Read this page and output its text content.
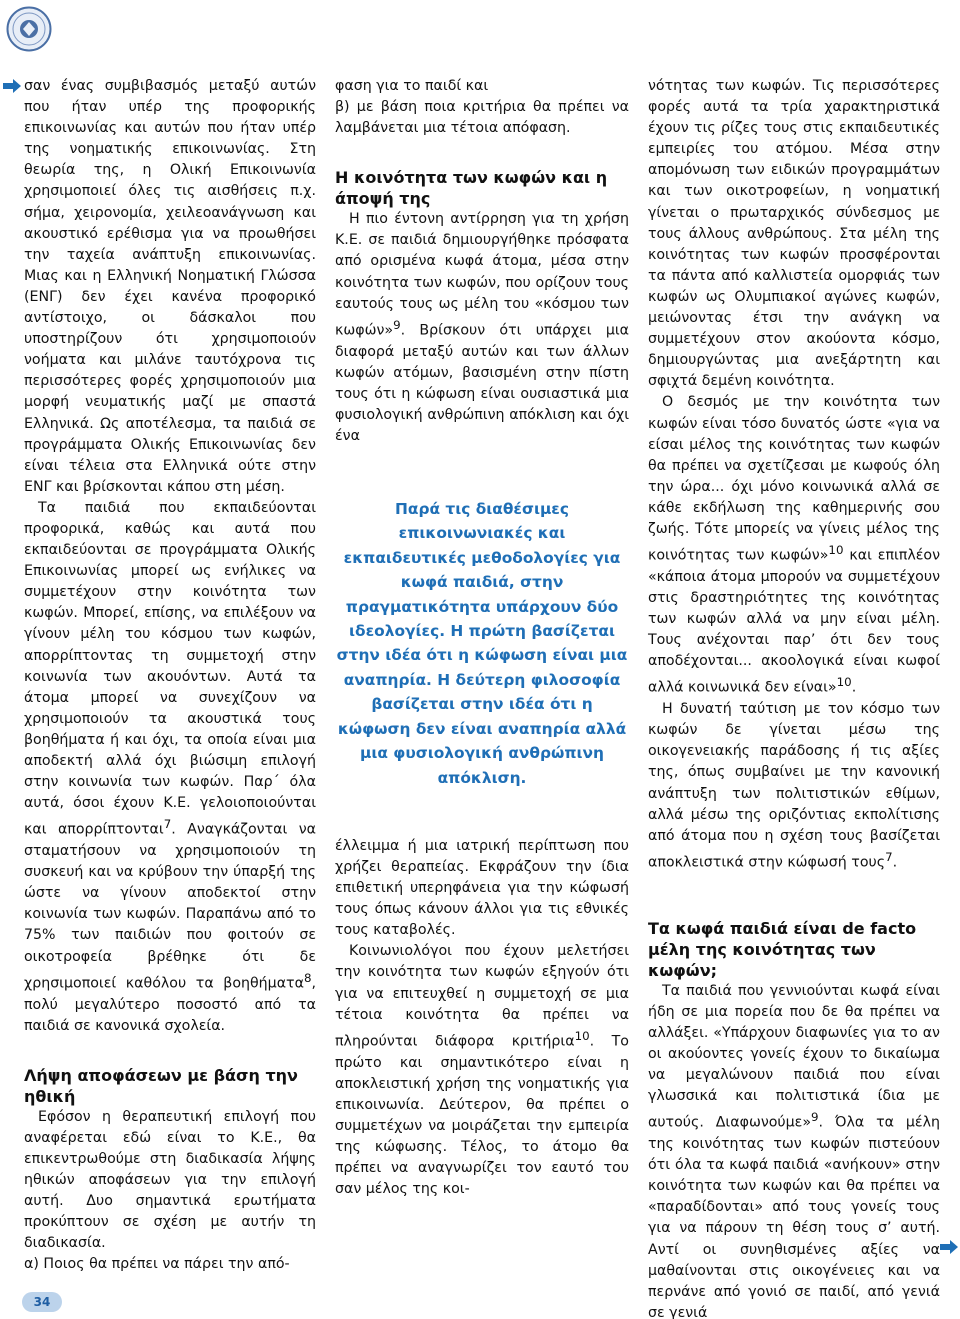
σαν ένας συμβιβασμός μεταξύ αυτών που ήταν υπέρ της προφορικής επικοινωνίας και αυτών που ήταν υπέρ της νοηματικής επικοινωνίας. Στη θεωρία της, η Ολική Επικοινωνία χρησιμοποιεί όλες τις αισθήσεις π.χ. σήμα, χειρονομία, χειλεοανάγνωση και ακουστικό ερέθισμα για να προωθήσει την ταχεία ανάπτυξη επικοινωνίας. Μιας και η Ελληνική Νοηματική Γλώσσα (ΕΝΓ) δεν έχει κανένα προφορικό αντίστοιχο, οι δάσκαλοι που υποστηρίζουν ότι χρησιμοποιούν νοήματα και μιλάνε ταυτόχρονα τις περισσότερες φορές χρησιμοποιούν μια μορφή νευματικής μαζί με σπαστά Ελληνικά. Ως αποτέλεσμα, τα παιδιά σε προγράμματα Ολικής Επικοινωνίας δεν είναι τέλεια στα Ελληνικά ούτε στην ΕΝΓ και βρίσκονται κάπου στη μέση.

Τα παιδιά που εκπαιδεύονται προφορικά, καθώς και αυτά που εκπαιδεύονται σε προγράμματα Ολικής Επικοινωνίας μπορεί ως ενήλικες να συμμετέχουν στην κοινότητα των κωφών. Μπορεί, επίσης, να επιλέξουν να γίνουν μέλη του κόσμου των κωφών, απορρίπτοντας τη συμμετοχή στην κοινωνία των ακουόντων. Αυτά τα άτομα μπορεί να συνεχίζουν να χρησιμοποιούν τα ακουστικά τους βοηθήματα ή και όχι, τα οποία είναι μια αποδεκτή αλλά όχι βιώσιμη επιλογή στην κοινωνία των κωφών. Παρ΄ όλα αυτά, όσοι έχουν Κ.Ε. γελοιοποιούνται και απορρίπτονται$^7$. Αναγκάζονται να σταματήσουν να χρησιμοποιούν τη συσκευή και να κρύβουν την ύπαρξή της ώστε να γίνουν αποδεκτοί στην κοινωνία των κωφών. Παραπάνω από το 75% των παιδιών που φοιτούν σε οικοτροφεία βρέθηκε ότι δε χρησιμοποιεί καθόλου τα βοηθήματα$^8$, πολύ μεγαλύτερο ποσοστό από τα παιδιά σε κανονικά σχολεία.

Λήψη αποφάσεων με βάση την ηθική

Εφόσον η θεραπευτική επιλογή που αναφέρεται εδώ είναι το Κ.Ε., θα επικεντρωθούμε στη διαδικασία λήψης ηθικών αποφάσεων για την επιλογή αυτή. Δυο σημαντικά ερωτήματα προκύπτουν σε σχέση με αυτήν τη διαδικασία.

α) Ποιος θα πρέπει να πάρει την από-

φαση για το παιδί και

β) με βάση ποια κριτήρια θα πρέπει να λαμβάνεται μια τέτοια απόφαση.

Η κοινότητα των κωφών και η άποψή της

Η πιο έντονη αντίρρηση για τη χρήση Κ.Ε. σε παιδιά δημιουργήθηκε πρόσφατα από ορισμένα κωφά άτομα, μέσα στην κοινότητα των κωφών, που ορίζουν τους εαυτούς τους ως μέλη του «κόσμου των κωφών»$^9$. Βρίσκουν ότι υπάρχει μια διαφορά μεταξύ αυτών και των άλλων κωφών ατόμων, βασισμένη στην πίστη τους ότι η κώφωση είναι ουσιαστικά μια φυσιολογική ανθρώπινη απόκλιση και όχι ένα

Παρά τις διαθέσιμες επικοινωνιακές και εκπαιδευτικές μεθοδολογίες για κωφά παιδιά, στην πραγματικότητα υπάρχουν δύο ιδεολογίες. Η πρώτη βασίζεται στην ιδέα ότι η κώφωση είναι μια αναπηρία. Η δεύτερη φιλοσοφία βασίζεται στην ιδέα ότι η κώφωση δεν είναι αναπηρία αλλά μια φυσιολογική ανθρώπινη απόκλιση.

έλλειμμα ή μια ιατρική περίπτωση που χρήζει θεραπείας. Εκφράζουν την ίδια επιθετική υπερηφάνεια για την κώφωσή τους όπως κάνουν άλλοι για τις εθνικές τους καταβολές.

Κοινωνιολόγοι που έχουν μελετήσει την κοινότητα των κωφών εξηγούν ότι για να επιτευχθεί η συμμετοχή σε μια τέτοια κοινότητα θα πρέπει να πληρούνται διάφορα κριτήρια$^{10}$. Το πρώτο και σημαντικότερο είναι η αποκλειστική χρήση της νοηματικής για επικοινωνία. Δεύτερον, θα πρέπει ο συμμετέχων να μοιράζεται την εμπειρία της κώφωσης. Τέλος, το άτομο θα πρέπει να αναγνωρίζει τον εαυτό του σαν μέλος της κοι-

νότητας των κωφών. Τις περισσότερες φορές αυτά τα τρία χαρακτηριστικά έχουν τις ρίζες τους στις εκπαιδευτικές εμπειρίες του ατόμου. Μέσα στην απομόνωση των ειδικών προγραμμάτων και των οικοτροφείων, η νοηματική γίνεται ο πρωταρχικός σύνδεσμος με τους άλλους ανθρώπους. Στα μέλη της κοινότητας των κωφών προσφέρονται τα πάντα από καλλιστεία ομορφιάς των κωφών ως Ολυμπιακοί αγώνες κωφών, μειώνοντας έτσι την ανάγκη να συμμετέχουν στον ακούοντα κόσμο, δημιουργώντας μια ανεξάρτητη και σφιχτά δεμένη κοινότητα.

Ο δεσμός με την κοινότητα των κωφών είναι τόσο δυνατός ώστε «για να είσαι μέλος της κοινότητας των κωφών θα πρέπει να σχετίζεσαι με κωφούς όλη την ώρα... όχι μόνο κοινωνικά αλλά σε κάθε εκδήλωση της καθημερινής σου ζωής. Τότε μπορείς να γίνεις μέλος της κοινότητας των κωφών»$^{10}$ και επιπλέον «κάποια άτομα μπορούν να συμμετέχουν στις δραστηριότητες της κοινότητας των κωφών αλλά να μην είναι μέλη. Τους ανέχονται παρ’ ότι δεν τους αποδέχονται... ακοολογικά είναι κωφοί αλλά κοινωνικά δεν είναι»$^{10}$.

Η δυνατή ταύτιση με τον κόσμο των κωφών δε γίνεται μέσω της οικογενειακής παράδοσης ή τις αξίες της, όπως συμβαίνει με την κανονική ανάπτυξη των πολιτιστικών εθίμων, αλλά μέσω της οριζόντιας εκπολίτισης από άτομα που η σχέση τους βασίζεται αποκλειστικά στην κώφωσή τους$^7$.

Τα κωφά παιδιά είναι de facto μέλη της κοινότητας των κωφών;

Τα παιδιά που γεννιούνται κωφά είναι ήδη σε μια πορεία που δε θα πρέπει να αλλάξει. «Υπάρχουν διαφωνίες για το αν οι ακούοντες γονείς έχουν το δικαίωμα να μεγαλώνουν παιδιά που είναι γλωσσικά και πολιτιστικά ίδια με αυτούς. Διαφωνούμε»$^9$. Όλα τα μέλη της κοινότητας των κωφών πιστεύουν ότι όλα τα κωφά παιδιά «ανήκουν» στην κοινότητα των κωφών και θα πρέπει να «παραδίδονται» από τους γονείς τους για να πάρουν τη θέση τους σ’ αυτή. Αντί οι συνηθισμένες αξίες να μαθαίνονται στις οικογένειες και να περνάνε από γονιό σε παιδί, από γενιά σε γενιά

34
